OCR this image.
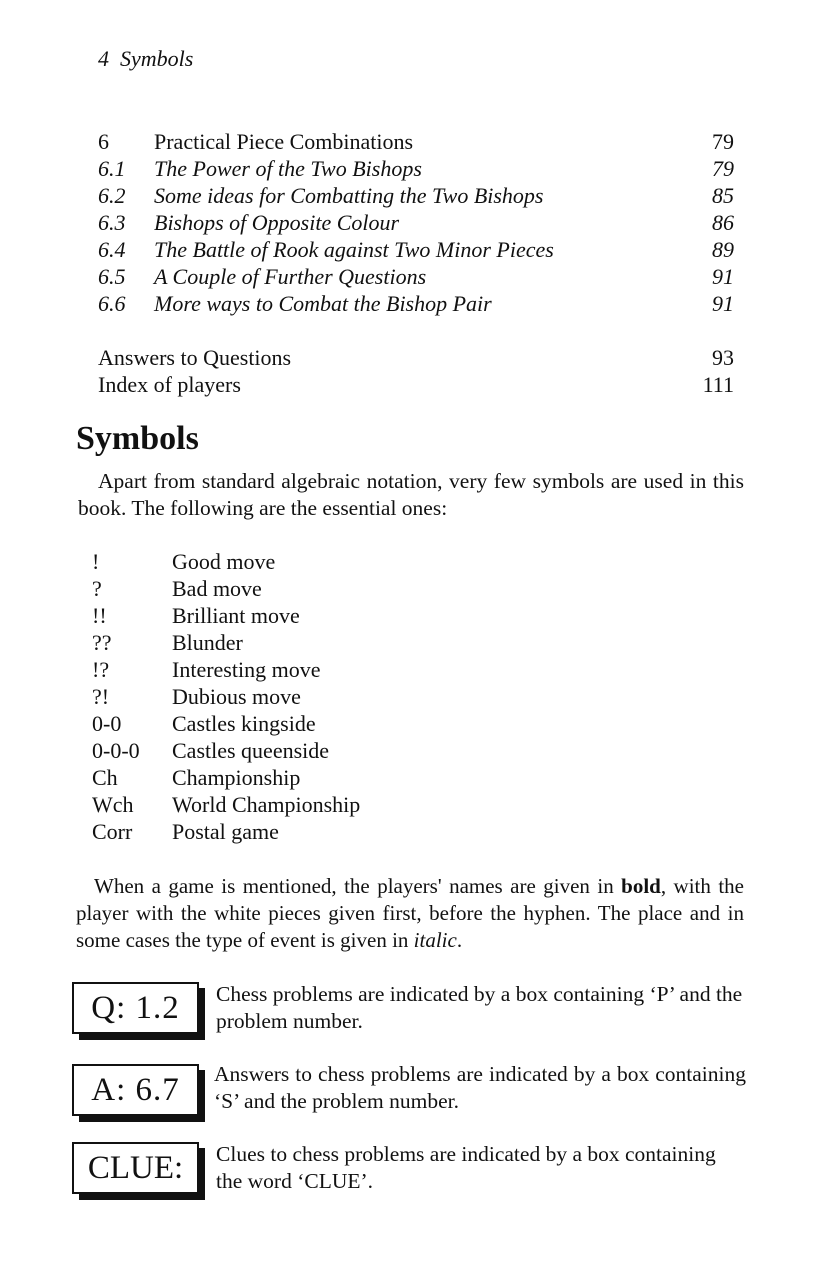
4 Symbols
6 Practical Piece Combinations	79
6.1 The Power of the Two Bishops	79
6.2 Some ideas for Combatting the Two Bishops	85
6.3 Bishops of Opposite Colour	86
6.4 The Battle of Rook against Two Minor Pieces	89
6.5 A Couple of Further Questions	91
6.6 More ways to Combat the Bishop Pair	91
Answers to Questions	93
Index of players	111
Symbols
Apart from standard algebraic notation, very few symbols are used in this book. The following are the essential ones:
!	Good move
?	Bad move
!!	Brilliant move
??	Blunder
!?	Interesting move
?!	Dubious move
0-0 Castles kingside
0-0-0 Castles queenside
Ch Championship
Wch World Championship
Corr Postal game
When a game is mentioned, the players' names are given in bold, with the player with the white pieces given first, before the hyphen. The place and in some cases the type of event is given in italic.
Q: 1.2	Chess problems are indicated by a box containing ‘P’ and the problem number.
A: 6.7	Answers to chess problems are indicated by a box containing ‘S’ and the problem number.
CLUE:	Clues to chess problems are indicated by a box containing the word ‘CLUE’.
